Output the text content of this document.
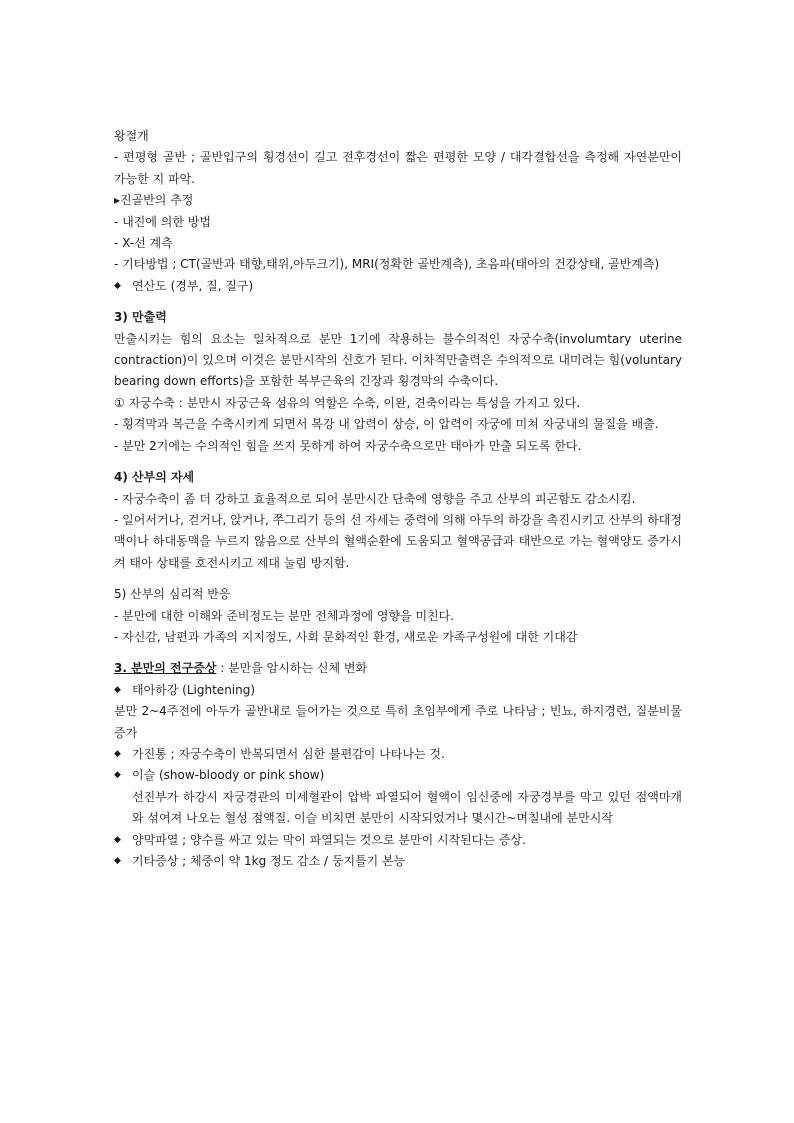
왕절개

- 편평형 골반 ; 골반입구의 횡경선이 길고 전후경선이 짧은 편평한 모양 / 대각결합선을 측정해 자연분만이 가능한 지 파악.

▸진골반의 추정

- 내진에 의한 방법

- X-선 계측

- 기타방법 ; CT(골반과 태향,태위,아두크기), MRI(정확한 골반계측), 초음파(태아의 건강상태, 골반계측)

◆ 연산도 (경부, 질, 질구)

3) 만출력

만출시키는 힘의 요소는 일차적으로 분만 1기에 작용하는 불수의적인 자궁수축(involumtary uterine contraction)이 있으며 이것은 분만시작의 신호가 된다. 이차적만출력은 수의적으로 내미려는 힘(voluntary bearing down efforts)을 포함한 복부근육의 긴장과 횡경막의 수축이다.

① 자궁수축 : 분만시 자궁근육 섬유의 역할은 수축, 이완, 견축이라는 특성을 가지고 있다.

- 횡격막과 복근을 수축시키게 되면서 복강 내 압력이 상승, 이 압력이 자궁에 미쳐 자궁내의 물질을 배출.

- 분만 2기에는 수의적인 힘을 쓰지 못하게 하여 자궁수축으로만 태아가 만출 되도록 한다.

4) 산부의 자세

- 자궁수축이 좀 더 강하고 효율적으로 되어 분만시간 단축에 영향을 주고 산부의 피곤함도 감소시킴.

- 일어서거나, 걷거나, 앉거나, 쭈그리기 등의 선 자세는 중력에 의해 아두의 하강을 촉진시키고 산부의 하대정맥이나 하대동맥을 누르지 않음으로 산부의 혈액순환에 도움되고 혈액공급과 태반으로 가는 혈액양도 증가시켜 태아 상태를 호전시키고 제대 눌림 방지함.

5) 산부의 심리적 반응

- 분만에 대한 이해와 준비정도는 분만 전체과정에 영향을 미친다.

- 자신감, 남편과 가족의 지지정도, 사회 문화적인 환경, 새로운 가족구성원에 대한 기대감

3. 분만의 전구증상 : 분만을 암시하는 신체 변화

◆ 태아하강 (Lightening)

분만 2~4주전에 아두가 골반내로 들어가는 것으로 특히 초임부에게 주로 나타남 ; 빈뇨, 하지경련, 질분비물 증가

◆ 가진통 ; 자궁수축이 반복되면서 심한 불편감이 나타나는 것.
◆ 이슬 (show-bloody or pink show)

선진부가 하강시 자궁경관의 미세혈관이 압박 파열되어 혈액이 임신중에 자궁경부를 막고 있던 점액마개와 섞여져 나오는 혈성 점액질. 이슬 비치면 분만이 시작되었거나 몇시간~며칠내에 분만시작

◆ 양막파열 ; 양수를 싸고 있는 막이 파열되는 것으로 분만이 시작된다는 증상.
◆ 기타증상 ; 체중이 약 1kg 정도 감소 / 둥지틀기 본능
